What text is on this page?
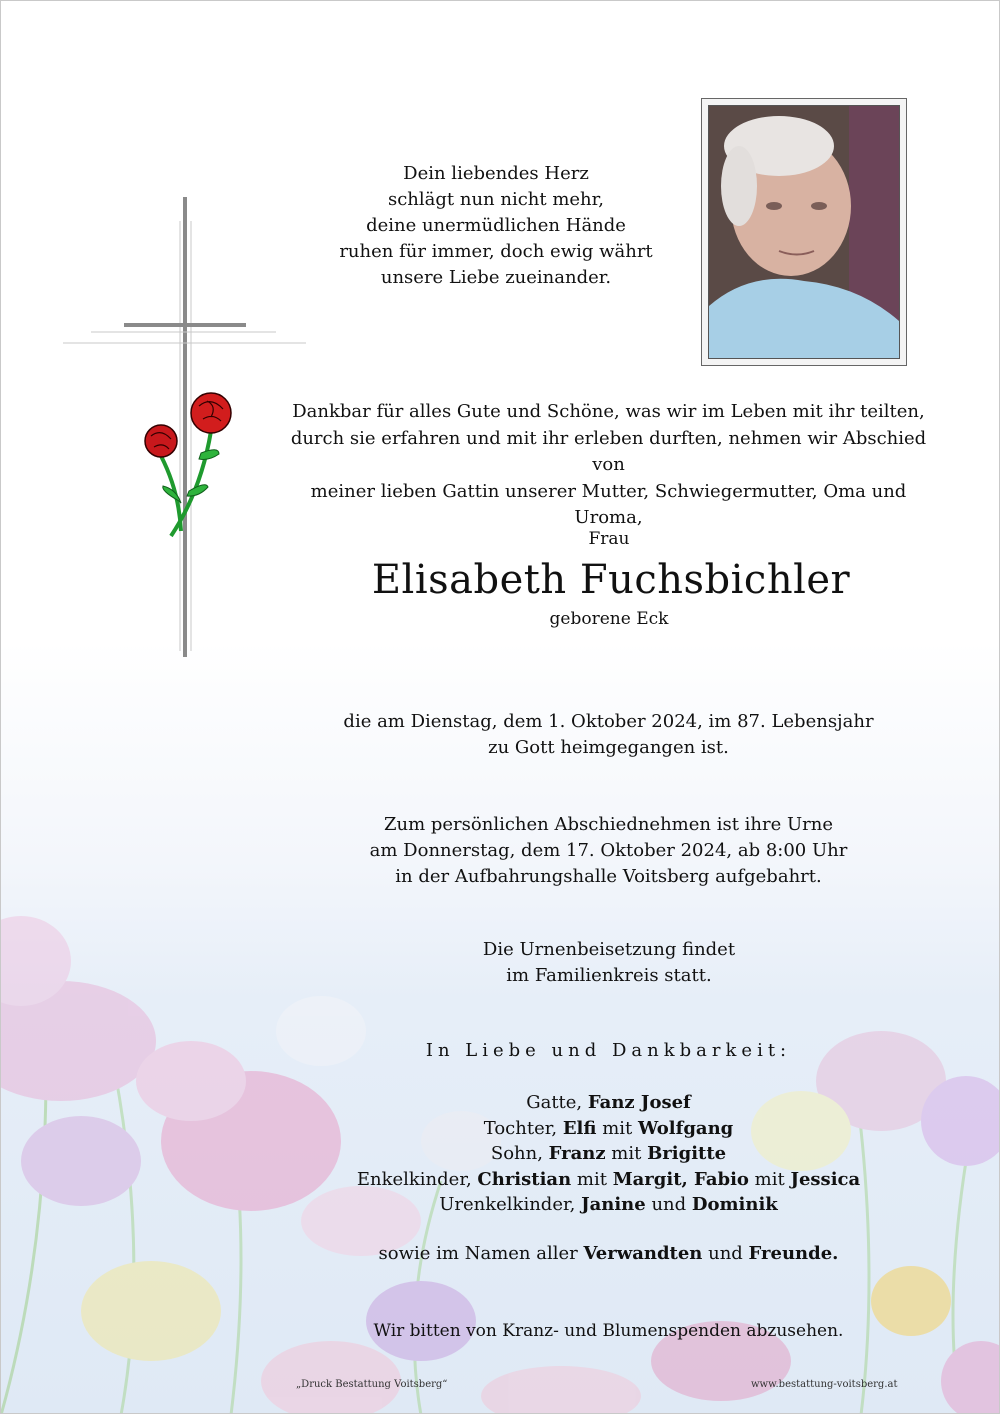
Dein liebendes Herz
schlägt nun nicht mehr,
deine unermüdlichen Hände
ruhen für immer, doch ewig währt
unsere Liebe zueinander.
Dankbar für alles Gute und Schöne, was wir im Leben mit ihr teilten,
durch sie erfahren und mit ihr erleben durften, nehmen wir Abschied von
meiner lieben Gattin unserer Mutter, Schwiegermutter, Oma und Uroma,
Frau
Elisabeth Fuchsbichler
geborene Eck
die am Dienstag, dem 1. Oktober 2024, im 87. Lebensjahr
zu Gott heimgegangen ist.
Zum persönlichen Abschiednehmen ist ihre Urne
am Donnerstag, dem 17. Oktober 2024, ab 8:00 Uhr
in der Aufbahrungshalle Voitsberg aufgebahrt.
Die Urnenbeisetzung findet
im Familienkreis statt.
In Liebe und Dankbarkeit:
Gatte, Fanz Josef
Tochter, Elfi mit Wolfgang
Sohn, Franz mit Brigitte
Enkelkinder, Christian mit Margit, Fabio mit Jessica
Urenkelkinder, Janine und Dominik
sowie im Namen aller Verwandten und Freunde.
Wir bitten von Kranz- und Blumenspenden abzusehen.
„Druck Bestattung Voitsberg“	www.bestattung-voitsberg.at
